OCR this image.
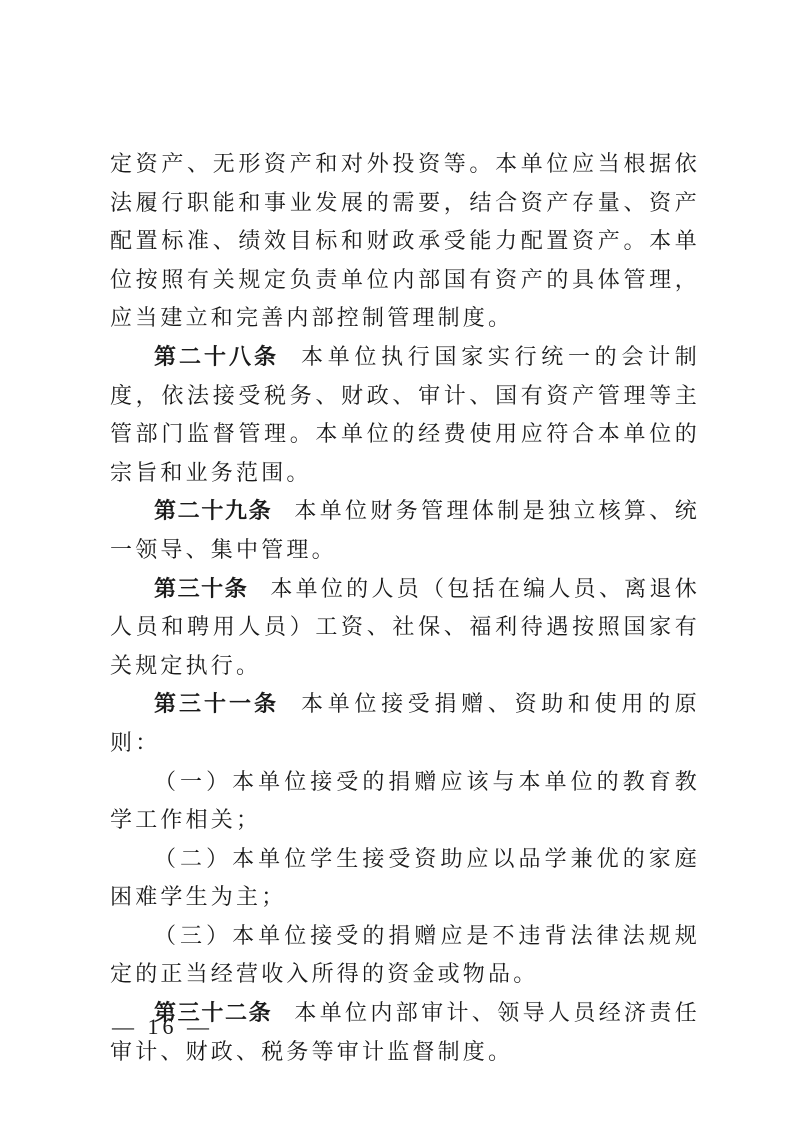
定资产、无形资产和对外投资等。本单位应当根据依法履行职能和事业发展的需要，结合资产存量、资产配置标准、绩效目标和财政承受能力配置资产。本单位按照有关规定负责单位内部国有资产的具体管理，应当建立和完善内部控制管理制度。

第二十八条 本单位执行国家实行统一的会计制度，依法接受税务、财政、审计、国有资产管理等主管部门监督管理。本单位的经费使用应符合本单位的宗旨和业务范围。

第二十九条 本单位财务管理体制是独立核算、统一领导、集中管理。

第三十条 本单位的人员（包括在编人员、离退休人员和聘用人员）工资、社保、福利待遇按照国家有关规定执行。

第三十一条 本单位接受捐赠、资助和使用的原则：

（一）本单位接受的捐赠应该与本单位的教育教学工作相关；

（二）本单位学生接受资助应以品学兼优的家庭困难学生为主；

（三）本单位接受的捐赠应是不违背法律法规规定的正当经营收入所得的资金或物品。

第三十二条 本单位内部审计、领导人员经济责任审计、财政、税务等审计监督制度。

— 16 —
